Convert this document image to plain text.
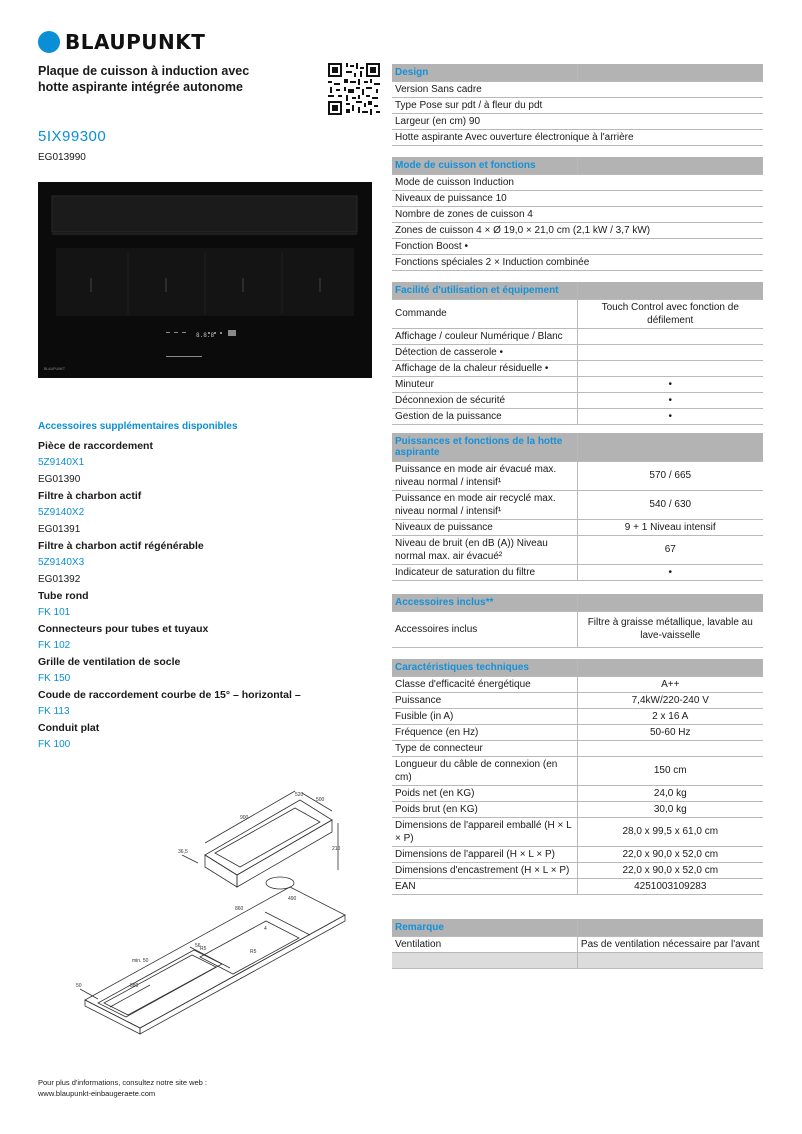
BLAUPUNKT
Plaque de cuisson à induction avec
hotte aspirante intégrée autonome
5IX99300
EG013990
8.8.8
BLAUPUNKT
Accessoires supplémentaires disponibles
Pièce de raccordement
5Z9140X1
EG01390
Filtre à charbon actif
5Z9140X2
EG01391
Filtre à charbon actif régénérable
5Z9140X3
EG01392
Tube rond
FK 101
Connecteurs pour tubes et tuyaux
FK 102
Grille de ventilation de socle
FK 150
Coude de raccordement courbe de 15° – horizontal –
FK 113
Conduit plat
FK 100
520
500
900
36,5	210
860
490
4
R5
min. 50
56
R5
880
50
Pour plus d'informations, consultez notre site web :
www.blaupunkt-einbaugeraete.com
Design	
Version Sans cadre
Type Pose sur pdt / à fleur du pdt
Largeur (en cm) 90
Hotte aspirante Avec ouverture électronique à l'arrière
Mode de cuisson et fonctions	
Mode de cuisson Induction
Niveaux de puissance 10
Nombre de zones de cuisson 4
Zones de cuisson 4 × Ø 19,0 × 21,0 cm (2,1 kW / 3,7 kW)
Fonction Boost •
Fonctions spéciales 2 × Induction combinée
Facilité d'utilisation et équipement	
Commande	Touch Control avec fonction de défilement
Affichage / couleur Numérique / Blanc	
Détection de casserole •	
Affichage de la chaleur résiduelle •	
Minuteur	•
Déconnexion de sécurité	•
Gestion de la puissance	•
Puissances et fonctions de la hotte aspirante	
Puissance en mode air évacué max. niveau normal / intensif¹	570 / 665
Puissance en mode air recyclé max. niveau normal / intensif¹	540 / 630
Niveaux de puissance	9 + 1 Niveau intensif
Niveau de bruit (en dB (A)) Niveau normal max. air évacué²	67
Indicateur de saturation du filtre	•
Accessoires inclus**	
Accessoires inclus	Filtre à graisse métallique, lavable au lave-vaisselle
Caractéristiques techniques	
Classe d'efficacité énergétique	A++
Puissance	7,4kW/220-240 V
Fusible (in A)	2 x 16 A
Fréquence (en Hz)	50-60 Hz
Type de connecteur	
Longueur du câble de connexion (en cm)	150 cm
Poids net (en KG)	24,0 kg
Poids brut (en KG)	30,0 kg
Dimensions de l'appareil emballé (H × L × P)	28,0 x 99,5 x 61,0 cm
Dimensions de l'appareil (H × L × P)	22,0 x 90,0 x 52,0 cm
Dimensions d'encastrement (H × L × P)	22,0 x 90,0 x 52,0 cm
EAN	4251003109283
Remarque	
Ventilation	Pas de ventilation nécessaire par l'avant
